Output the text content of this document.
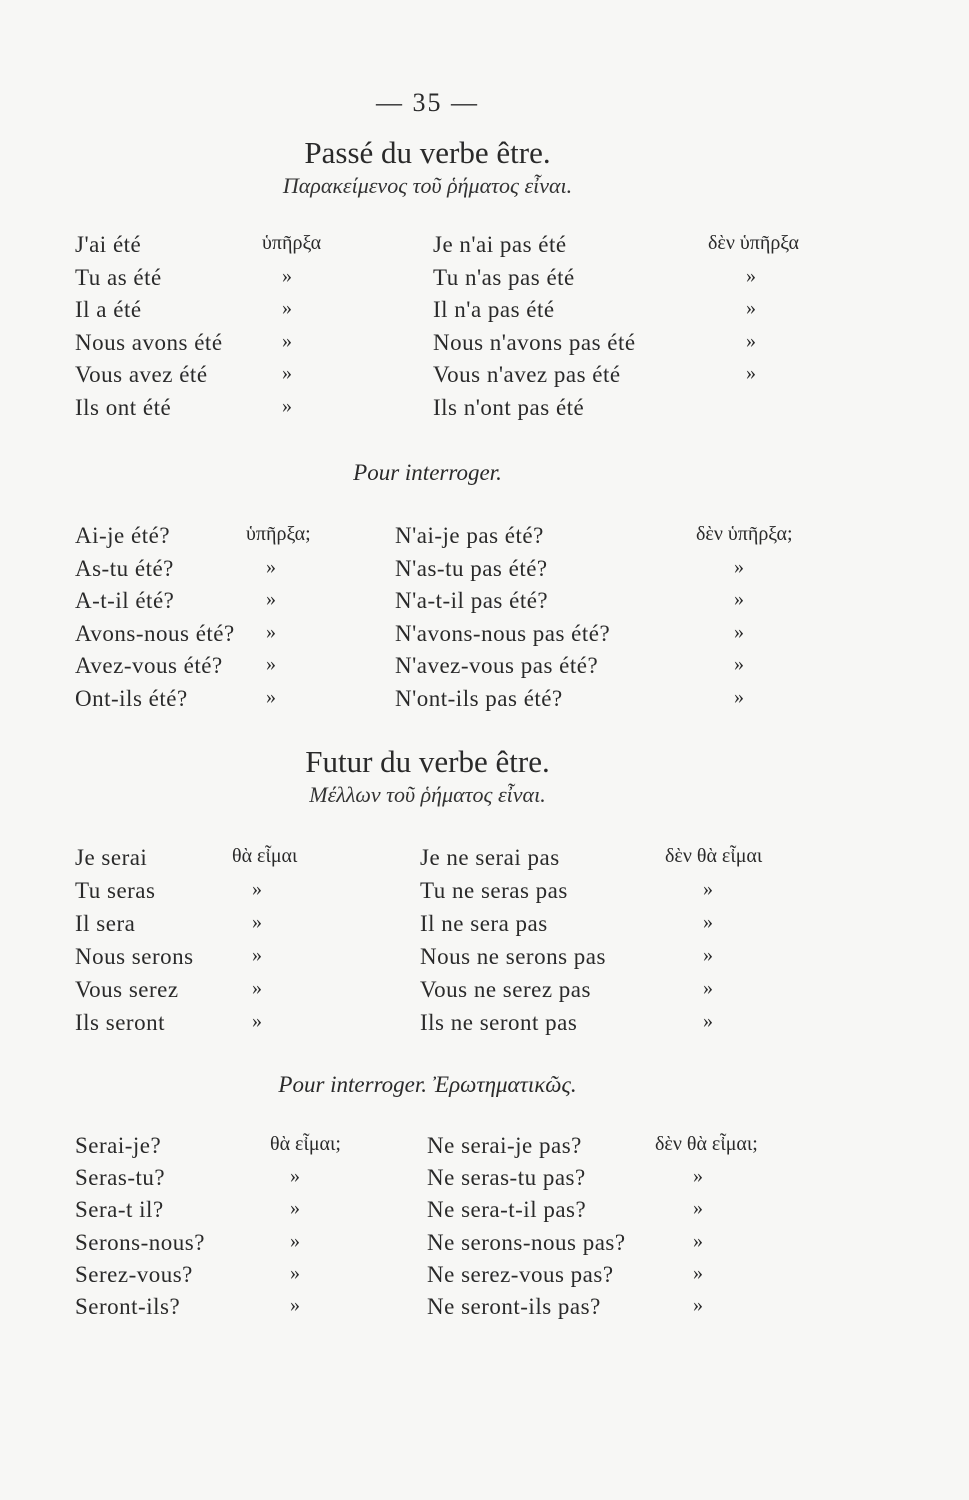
— 35 —
Passé du verbe être.
Παρακείμενος τοῦ ῥήματος εἶναι.
J'ai été	ὑπῆρξα	Je n'ai pas été	δὲν ὑπῆρξα
Tu as été	»	Tu n'as pas été	»
Il a été	»	Il n'a pas été	»
Nous avons été	»	Nous n'avons pas été	»
Vous avez été	»	Vous n'avez pas été	»
Ils ont été	»	Ils n'ont pas été
Pour interroger.
Ai-je été?	ὑπῆρξα;	N'ai-je pas été?	δὲν ὑπῆρξα;
As-tu été?	»	N'as-tu pas été?	»
A-t-il été?	»	N'a-t-il pas été?	»
Avons-nous été? »	N'avons-nous pas été?	»
Avez-vous été? »	N'avez-vous pas été?	»
Ont-ils été?	»	N'ont-ils pas été?	»
Futur du verbe être.
Μέλλων τοῦ ῥήματος εἶναι.
Je serai	θὰ εἶμαι	Je ne serai pas	δὲν θὰ εἶμαι
Tu seras	»	Tu ne seras pas	»
Il sera	»	Il ne sera pas	»
Nous serons	»	Nous ne serons pas	»
Vous serez	»	Vous ne serez pas	»
Ils seront	»	Ils ne seront pas	»
Pour interroger. Ἐρωτηματικῶς.
Serai-je?	θὰ εἶμαι;	Ne serai-je pas?	δὲν θὰ εἶμαι;
Seras-tu?	»	Ne seras-tu pas?	»
Sera-t il?	»	Ne sera-t-il pas?	»
Serons-nous?	»	Ne serons-nous pas?	»
Serez-vous?	»	Ne serez-vous pas?	»
Seront-ils?	»	Ne seront-ils pas?	»
